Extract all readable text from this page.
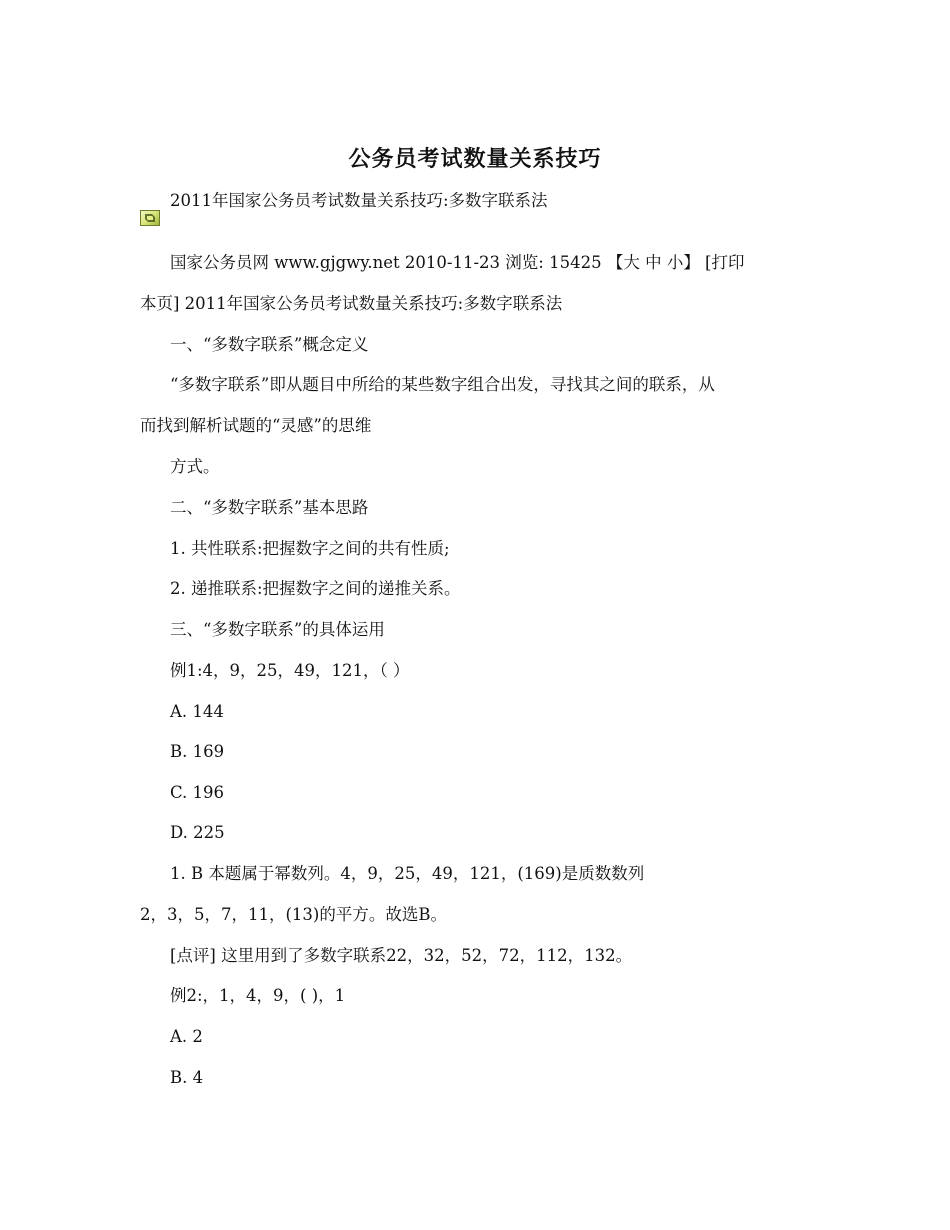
公务员考试数量关系技巧
2011年国家公务员考试数量关系技巧:多数字联系法
国家公务员网 www.gjgwy.net 2010-11-23 浏览: 15425 【大 中 小】 [打印
本页] 2011年国家公务员考试数量关系技巧:多数字联系法
一、“多数字联系”概念定义
“多数字联系”即从题目中所给的某些数字组合出发，寻找其之间的联系，从
而找到解析试题的“灵感”的思维
方式。
二、“多数字联系”基本思路
1. 共性联系:把握数字之间的共有性质;
2. 递推联系:把握数字之间的递推关系。
三、“多数字联系”的具体运用
例1:4，9，25，49，121，（ ）
A. 144
B. 169
C. 196
D. 225
1. B 本题属于幂数列。4，9，25，49，121，(169)是质数数列
2，3，5，7，11，(13)的平方。故选B。
[点评] 这里用到了多数字联系22，32，52，72，112，132。
例2:，1，4，9，( )，1
A. 2
B. 4
